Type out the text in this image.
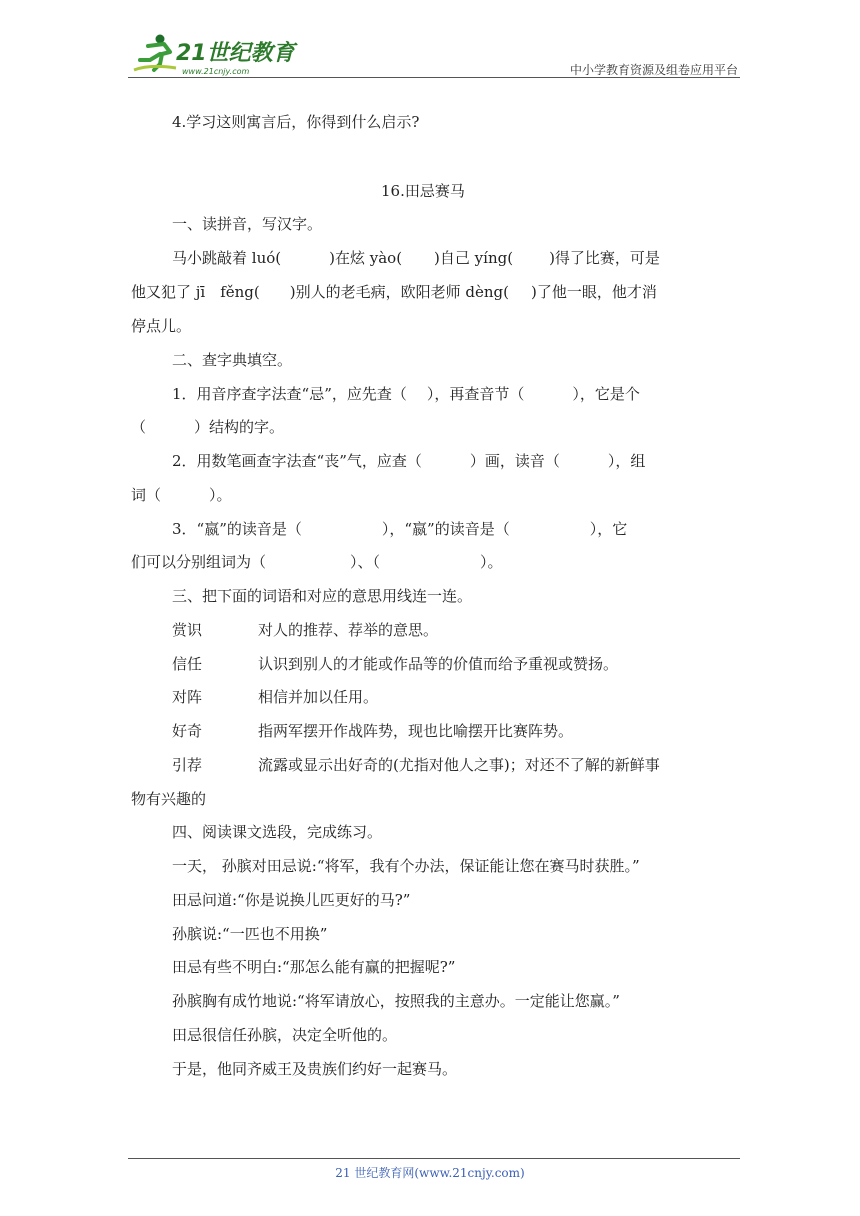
21世纪教育
www.21cnjy.com	中小学教育资源及组卷应用平台
4.学习这则寓言后，你得到什么启示?
16.田忌赛马
一、读拼音，写汉字。
马小跳敲着 luó(	)在炫 yào( )自己 yíng( )得了比赛，可是
他又犯了 jī　fěng( )别人的老毛病，欧阳老师 dèng( )了他一眼，他才消
停点儿。
二、查字典填空。
1．用音序查字法查“忌”，应先查（ ），再查音节（	），它是个
（	）结构的字。
2．用数笔画查字法查“丧”气，应查（	）画，读音（	），组
词（	）。
3．“嬴”的读音是（	），“嬴”的读音是（	），它
们可以分别组词为（	）、（	）。
三、把下面的词语和对应的意思用线连一连。
赏识	对人的推荐、荐举的意思。
信任	认识到别人的才能或作品等的价值而给予重视或赞扬。
对阵	相信并加以任用。
好奇	指两军摆开作战阵势，现也比喻摆开比赛阵势。
引荐	流露或显示出好奇的(尤指对他人之事)；对还不了解的新鲜事
物有兴趣的
四、阅读课文选段，完成练习。
一天， 孙膑对田忌说:“将军，我有个办法，保证能让您在赛马时获胜。”
田忌问道:“你是说换儿匹更好的马?”
孙膑说:“一匹也不用换”
田忌有些不明白:“那怎么能有赢的把握呢?”
孙膑胸有成竹地说:“将军请放心，按照我的主意办。一定能让您赢。”
田忌很信任孙膑，决定全听他的。
于是，他同齐威王及贵族们约好一起赛马。
21 世纪教育网(www.21cnjy.com)
